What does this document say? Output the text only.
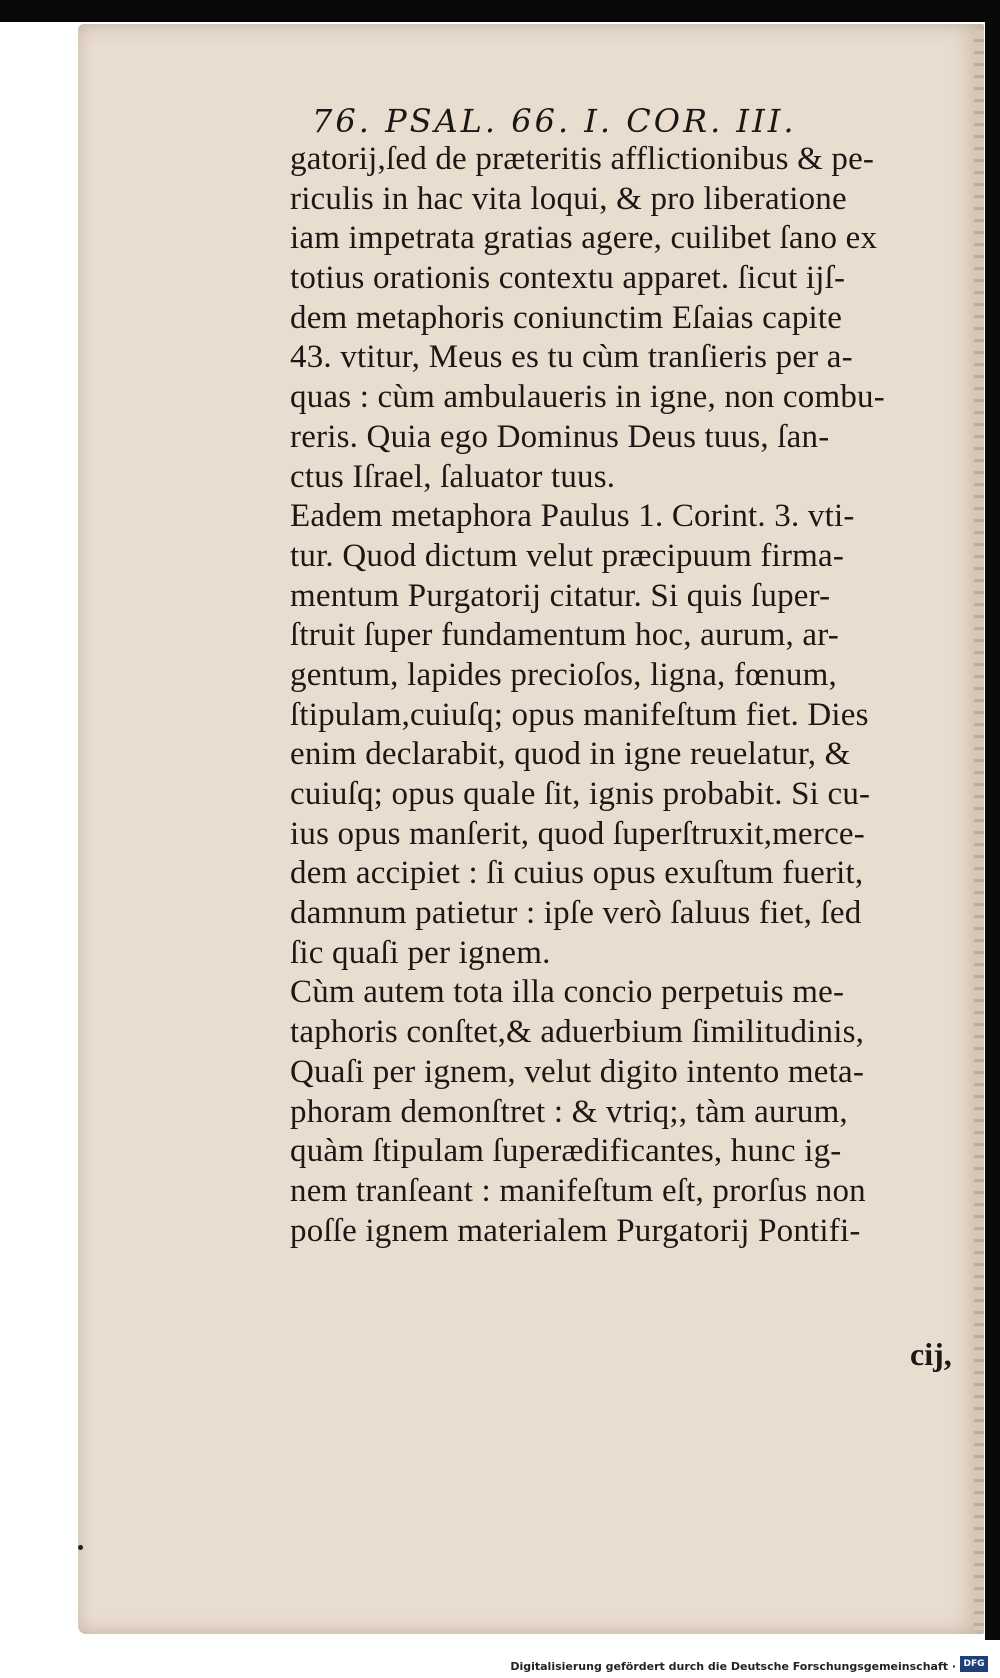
76. PSAL. 66. I. COR. III.
gatorij,ſed de præteritis afflictionibus & pe-
riculis in hac vita loqui, & pro liberatione
iam impetrata gratias agere, cuilibet ſano ex
totius orationis contextu apparet. ſicut ijſ-
dem metaphoris coniunctim Eſaias capite
43. vtitur, Meus es tu cùm tranſieris per a-
quas : cùm ambulaueris in igne, non combu-
reris. Quia ego Dominus Deus tuus, ſan-
ctus Iſrael, ſaluator tuus.
Eadem metaphora Paulus 1. Corint. 3. vti-
tur. Quod dictum velut præcipuum firma-
mentum Purgatorij citatur. Si quis ſuper-
ſtruit ſuper fundamentum hoc, aurum, ar-
gentum, lapides precioſos, ligna, fœnum,
ſtipulam,cuiuſq; opus manifeſtum fiet. Dies
enim declarabit, quod in igne reuelatur, &
cuiuſq; opus quale ſit, ignis probabit. Si cu-
ius opus manſerit, quod ſuperſtruxit,merce-
dem accipiet : ſi cuius opus exuſtum fuerit,
damnum patietur : ipſe verò ſaluus fiet, ſed
ſic quaſi per ignem.
Cùm autem tota illa concio perpetuis me-
taphoris conſtet,& aduerbium ſimilitudinis,
Quaſi per ignem, velut digito intento meta-
phoram demonſtret : & vtriq;, tàm aurum,
quàm ſtipulam ſuperædificantes, hunc ig-
nem tranſeant : manifeſtum eſt, prorſus non
poſſe ignem materialem Purgatorij Pontifi-
cij,
Digitalisierung gefördert durch die Deutsche Forschungsgemeinschaft · DFG
